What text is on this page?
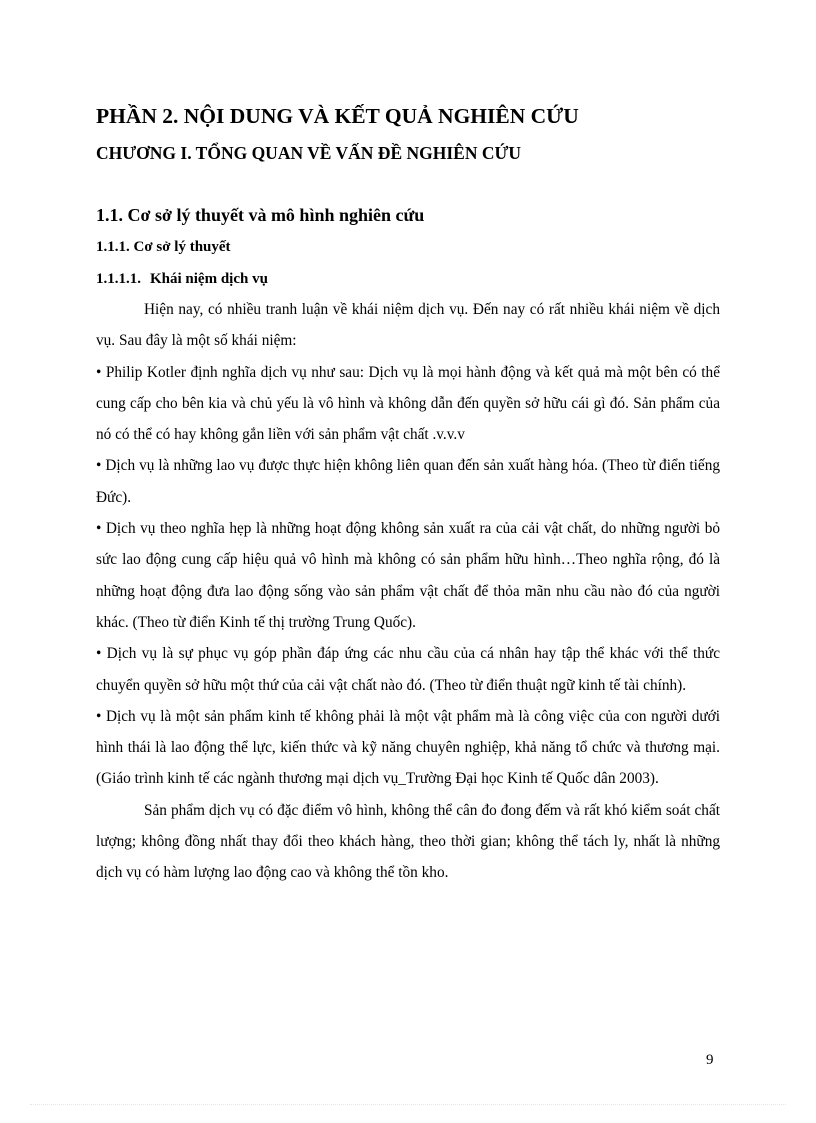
PHẦN 2. NỘI DUNG VÀ KẾT QUẢ NGHIÊN CỨU
CHƯƠNG I. TỔNG QUAN VỀ VẤN ĐỀ NGHIÊN CỨU
1.1. Cơ sở lý thuyết và mô hình nghiên cứu
1.1.1. Cơ sở lý thuyết
1.1.1.1. Khái niệm dịch vụ

Hiện nay, có nhiều tranh luận về khái niệm dịch vụ. Đến nay có rất nhiều khái niệm về dịch vụ. Sau đây là một số khái niệm:

• Philip Kotler định nghĩa dịch vụ như sau: Dịch vụ là mọi hành động và kết quả mà một bên có thể cung cấp cho bên kia và chủ yếu là vô hình và không dẫn đến quyền sở hữu cái gì đó. Sản phẩm của nó có thể có hay không gắn liền với sản phẩm vật chất .v.v.v

• Dịch vụ là những lao vụ được thực hiện không liên quan đến sản xuất hàng hóa. (Theo từ điển tiếng Đức).

• Dịch vụ theo nghĩa hẹp là những hoạt động không sản xuất ra của cải vật chất, do những người bỏ sức lao động cung cấp hiệu quả vô hình mà không có sản phẩm hữu hình…Theo nghĩa rộng, đó là những hoạt động đưa lao động sống vào sản phẩm vật chất để thỏa mãn nhu cầu nào đó của người khác. (Theo từ điển Kinh tế thị trường Trung Quốc).

• Dịch vụ là sự phục vụ góp phần đáp ứng các nhu cầu của cá nhân hay tập thể khác với thể thức chuyển quyền sở hữu một thứ của cải vật chất nào đó. (Theo từ điển thuật ngữ kinh tế tài chính).

• Dịch vụ là một sản phẩm kinh tế không phải là một vật phẩm mà là công việc của con người dưới hình thái là lao động thể lực, kiến thức và kỹ năng chuyên nghiệp, khả năng tổ chức và thương mại.(Giáo trình kinh tế các ngành thương mại dịch vụ_Trường Đại học Kinh tế Quốc dân 2003).

Sản phẩm dịch vụ có đặc điểm vô hình, không thể cân đo đong đếm và rất khó kiểm soát chất lượng; không đồng nhất thay đổi theo khách hàng, theo thời gian; không thể tách ly, nhất là những dịch vụ có hàm lượng lao động cao và không thể tồn kho.

9
